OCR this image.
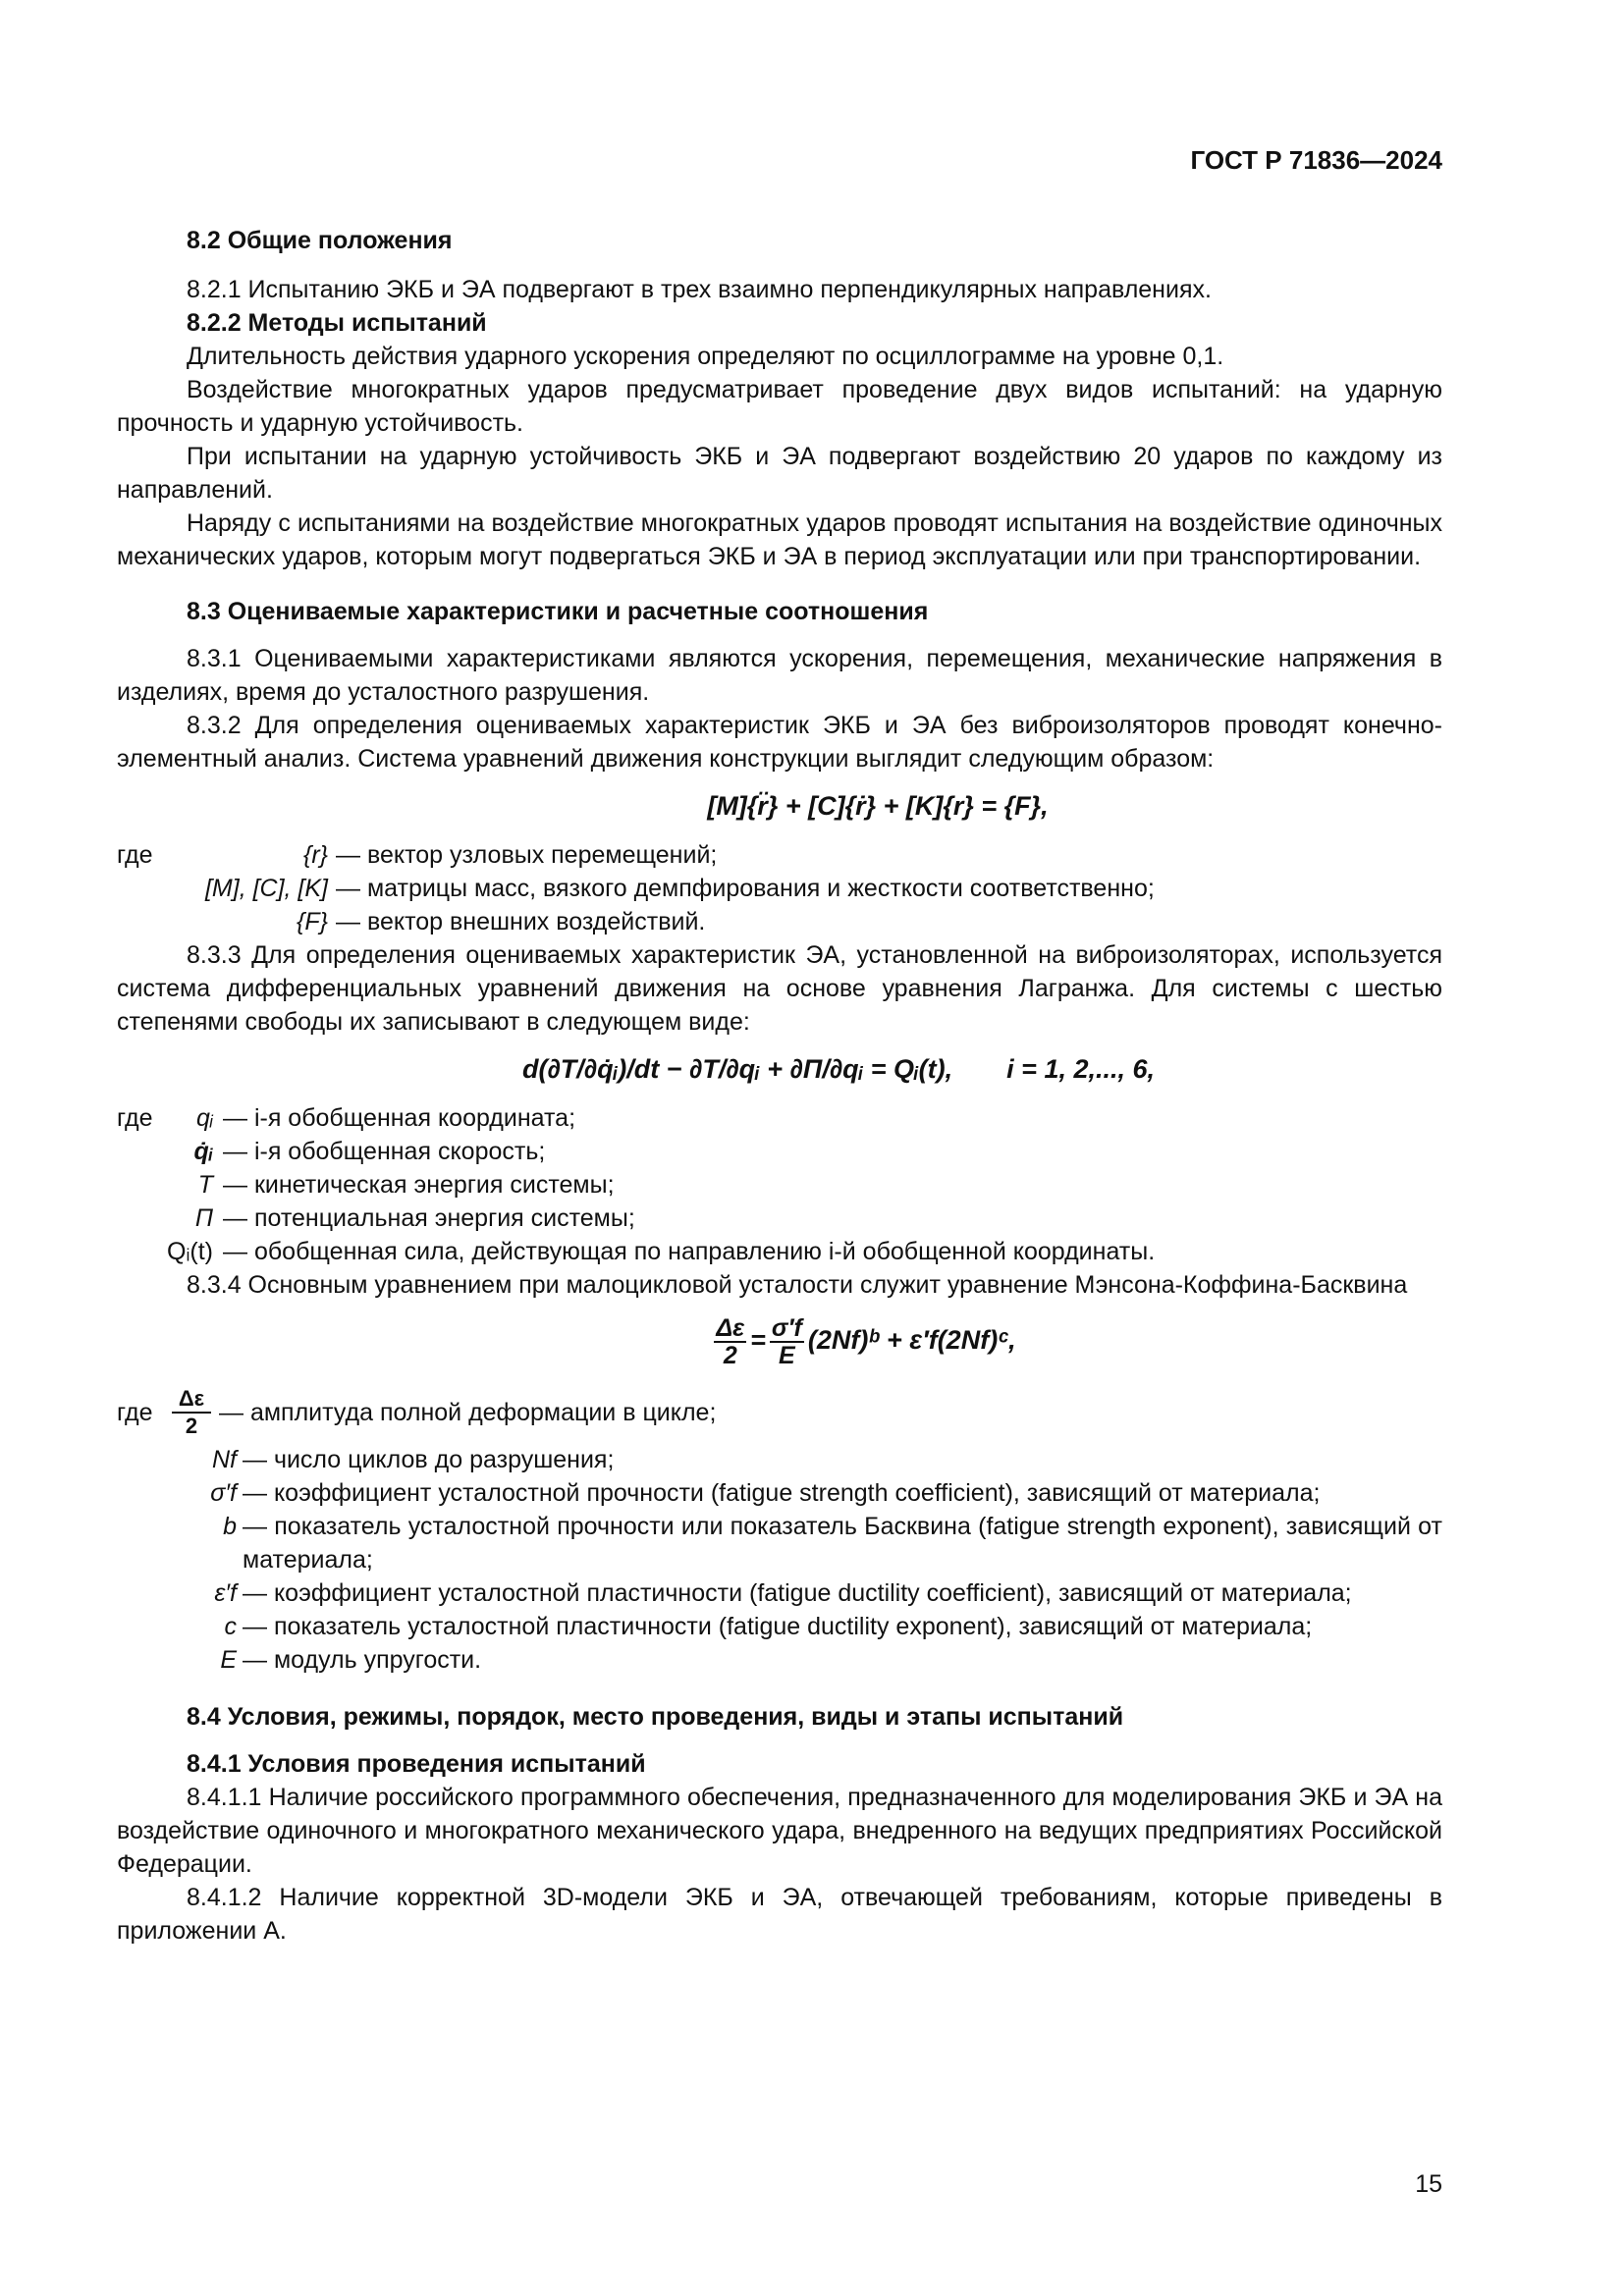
ГОСТ Р 71836—2024

8.2 Общие положения

8.2.1 Испытанию ЭКБ и ЭА подвергают в трех взаимно перпендикулярных направлениях.

8.2.2 Методы испытаний

Длительность действия ударного ускорения определяют по осциллограмме на уровне 0,1.

Воздействие многократных ударов предусматривает проведение двух видов испытаний: на ударную прочность и ударную устойчивость.

При испытании на ударную устойчивость ЭКБ и ЭА подвергают воздействию 20 ударов по каждому из направлений.

Наряду с испытаниями на воздействие многократных ударов проводят испытания на воздействие одиночных механических ударов, которым могут подвергаться ЭКБ и ЭА в период эксплуатации или при транспортировании.

8.3 Оцениваемые характеристики и расчетные соотношения

8.3.1 Оцениваемыми характеристиками являются ускорения, перемещения, механические напряжения в изделиях, время до усталостного разрушения.

8.3.2 Для определения оцениваемых характеристик ЭКБ и ЭА без виброизоляторов проводят конечно-элементный анализ. Система уравнений движения конструкции выглядит следующим образом:

[M]{r̈} + [C]{ṙ} + [K]{r} = {F},
где	{r} — вектор узловых перемещений;
[M], [C], [K] — матрицы масс, вязкого демпфирования и жесткости соответственно;
{F} — вектор внешних воздействий.

8.3.3 Для определения оцениваемых характеристик ЭА, установленной на виброизоляторах, используется система дифференциальных уравнений движения на основе уравнения Лагранжа. Для системы с шестью степенями свободы их записывают в следующем виде:

d(∂T/∂q̇ᵢ)/dt − ∂T/∂qᵢ + ∂П/∂qᵢ = Qᵢ(t), i = 1, 2,..., 6,
где	qᵢ — i-я обобщенная координата;
q̇ᵢ — i-я обобщенная скорость;
T — кинетическая энергия системы;
П — потенциальная энергия системы;
Qᵢ(t) — обобщенная сила, действующая по направлению i-й обобщенной координаты.

8.3.4 Основным уравнением при малоцикловой усталости служит уравнение Мэнсона-Коффина-Басквина

$\frac{\Delta\varepsilon}{2} = \frac{\sigma'f}{E}$ (2Nf)ᵇ + ε′f(2Nf)ᶜ,
где $\frac{\Delta\varepsilon}{2}$ — амплитуда полной деформации в цикле;
Nf — число циклов до разрушения;
σ′f — коэффициент усталостной прочности (fatigue strength coefficient), зависящий от материала;
b — показатель усталостной прочности или показатель Басквина (fatigue strength exponent), зависящий от материала;
ε′f — коэффициент усталостной пластичности (fatigue ductility coefficient), зависящий от материала;
c — показатель усталостной пластичности (fatigue ductility exponent), зависящий от материала;
E — модуль упругости.

8.4 Условия, режимы, порядок, место проведения, виды и этапы испытаний

8.4.1 Условия проведения испытаний

8.4.1.1 Наличие российского программного обеспечения, предназначенного для моделирования ЭКБ и ЭА на воздействие одиночного и многократного механического удара, внедренного на ведущих предприятиях Российской Федерации.

8.4.1.2 Наличие корректной 3D-модели ЭКБ и ЭА, отвечающей требованиям, которые приведены в приложении А.

15
